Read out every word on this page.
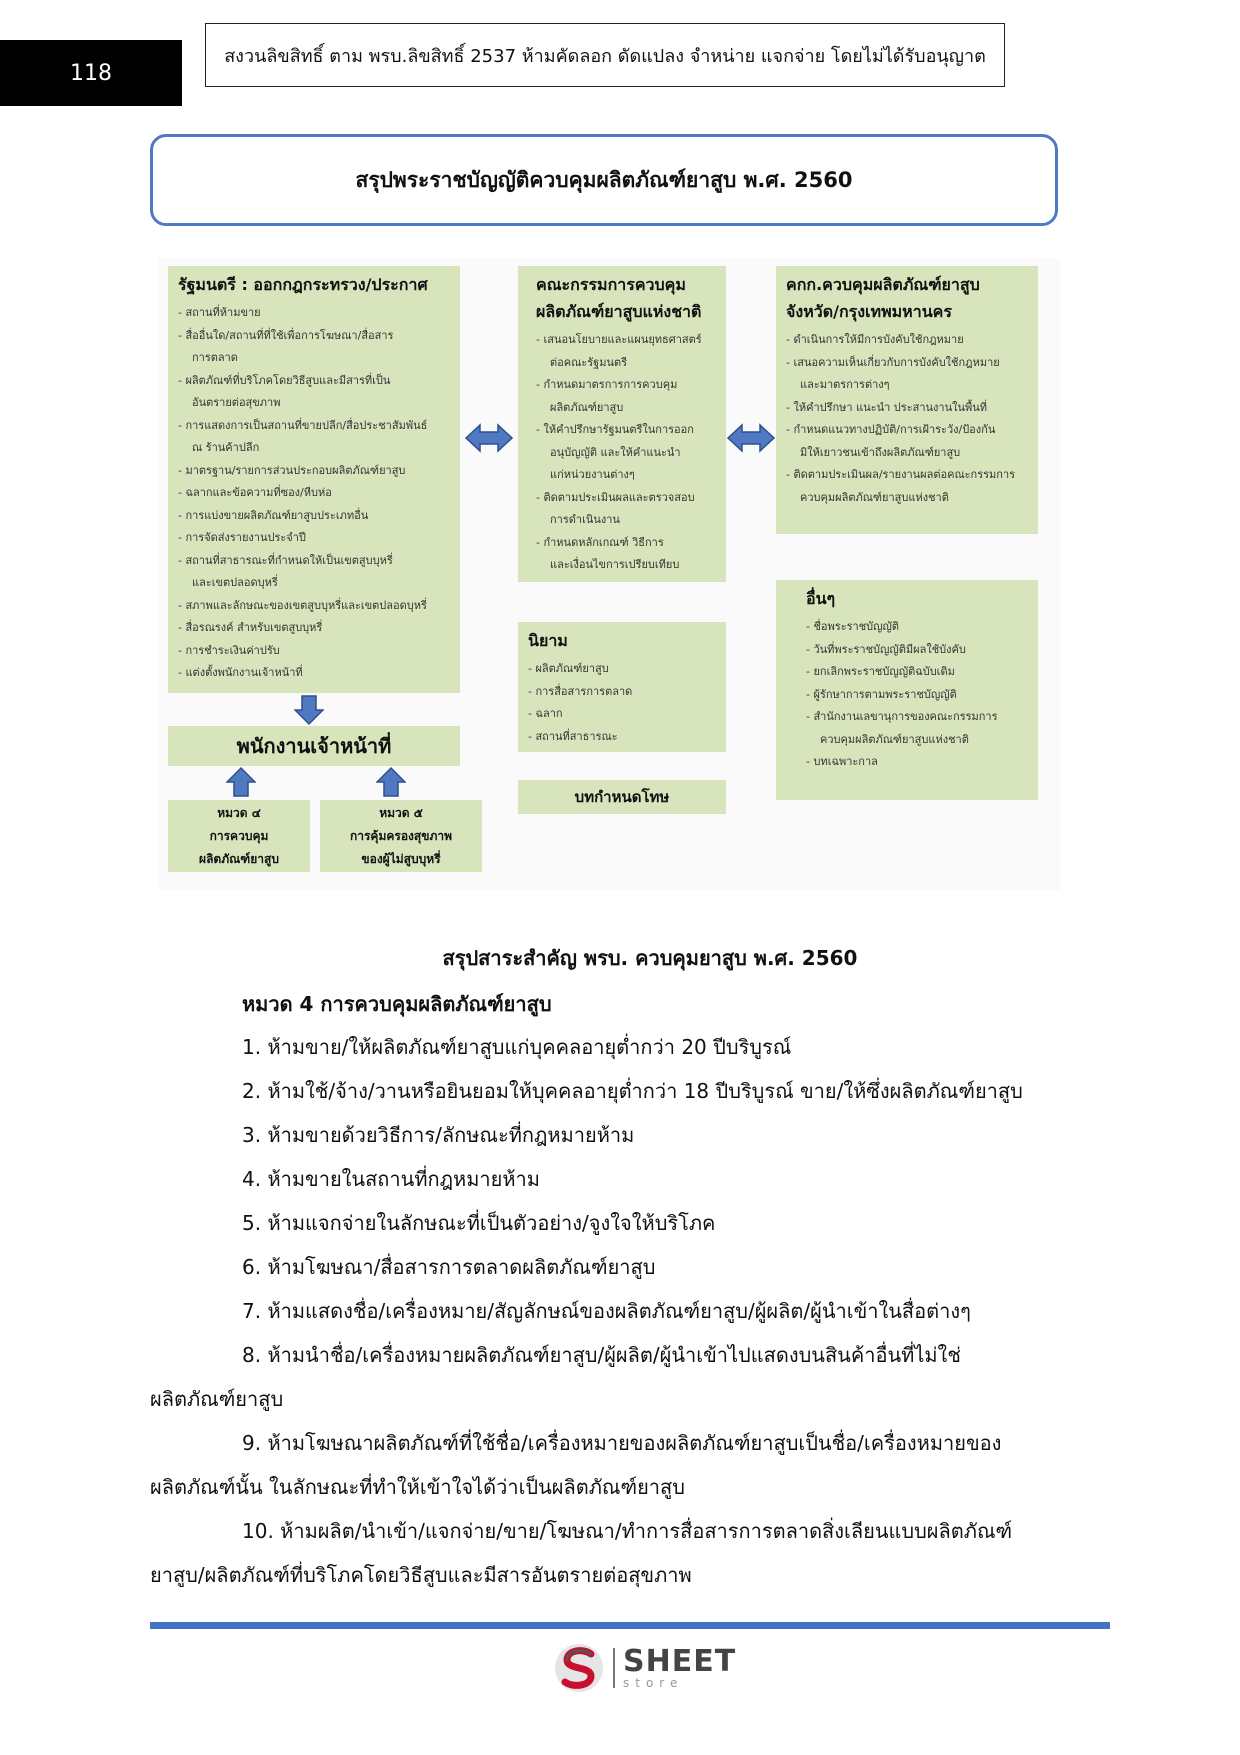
118
สงวนลิขสิทธิ์ ตาม พรบ.ลิขสิทธิ์ 2537 ห้ามคัดลอก ดัดแปลง จำหน่าย แจกจ่าย โดยไม่ได้รับอนุญาต
สรุปพระราชบัญญัติควบคุมผลิตภัณฑ์ยาสูบ พ.ศ. 2560
รัฐมนตรี : ออกกฎกระทรวง/ประกาศ
- สถานที่ห้ามขาย
- สื่ออื่นใด/สถานที่ที่ใช้เพื่อการโฆษณา/สื่อสาร
การตลาด
- ผลิตภัณฑ์ที่บริโภคโดยวิธีสูบและมีสารที่เป็น
อันตรายต่อสุขภาพ
- การแสดงการเป็นสถานที่ขายปลีก/สื่อประชาสัมพันธ์
ณ ร้านค้าปลีก
- มาตรฐาน/รายการส่วนประกอบผลิตภัณฑ์ยาสูบ
- ฉลากและข้อความที่ซอง/หีบห่อ
- การแบ่งขายผลิตภัณฑ์ยาสูบประเภทอื่น
- การจัดส่งรายงานประจำปี
- สถานที่สาธารณะที่กำหนดให้เป็นเขตสูบบุหรี่
และเขตปลอดบุหรี่
- สภาพและลักษณะของเขตสูบบุหรี่และเขตปลอดบุหรี่
- สื่อรณรงค์ สำหรับเขตสูบบุหรี่
- การชำระเงินค่าปรับ
- แต่งตั้งพนักงานเจ้าหน้าที่
คณะกรรมการควบคุม
ผลิตภัณฑ์ยาสูบแห่งชาติ
- เสนอนโยบายและแผนยุทธศาสตร์
ต่อคณะรัฐมนตรี
- กำหนดมาตรการการควบคุม
ผลิตภัณฑ์ยาสูบ
- ให้คำปรึกษารัฐมนตรีในการออก
อนุบัญญัติ และให้คำแนะนำ
แก่หน่วยงานต่างๆ
- ติดตามประเมินผลและตรวจสอบ
การดำเนินงาน
- กำหนดหลักเกณฑ์ วิธีการ
และเงื่อนไขการเปรียบเทียบ
คกก.ควบคุมผลิตภัณฑ์ยาสูบ
จังหวัด/กรุงเทพมหานคร
- ดำเนินการให้มีการบังคับใช้กฎหมาย
- เสนอความเห็นเกี่ยวกับการบังคับใช้กฎหมาย
และมาตรการต่างๆ
- ให้คำปรึกษา แนะนำ ประสานงานในพื้นที่
- กำหนดแนวทางปฏิบัติ/การเฝ้าระวัง/ป้องกัน
มิให้เยาวชนเข้าถึงผลิตภัณฑ์ยาสูบ
- ติดตามประเมินผล/รายงานผลต่อคณะกรรมการ
ควบคุมผลิตภัณฑ์ยาสูบแห่งชาติ
พนักงานเจ้าหน้าที่
หมวด ๔
การควบคุม
ผลิตภัณฑ์ยาสูบ
หมวด ๕
การคุ้มครองสุขภาพ
ของผู้ไม่สูบบุหรี่
นิยาม
- ผลิตภัณฑ์ยาสูบ
- การสื่อสารการตลาด
- ฉลาก
- สถานที่สาธารณะ
บทกำหนดโทษ
อื่นๆ
- ชื่อพระราชบัญญัติ
- วันที่พระราชบัญญัติมีผลใช้บังคับ
- ยกเลิกพระราชบัญญัติฉบับเดิม
- ผู้รักษาการตามพระราชบัญญัติ
- สำนักงานเลขานุการของคณะกรรมการ
ควบคุมผลิตภัณฑ์ยาสูบแห่งชาติ
- บทเฉพาะกาล
สรุปสาระสำคัญ พรบ. ควบคุมยาสูบ พ.ศ. 2560
หมวด 4 การควบคุมผลิตภัณฑ์ยาสูบ
1. ห้ามขาย/ให้ผลิตภัณฑ์ยาสูบแก่บุคคลอายุต่ำกว่า 20 ปีบริบูรณ์
2. ห้ามใช้/จ้าง/วานหรือยินยอมให้บุคคลอายุต่ำกว่า 18 ปีบริบูรณ์ ขาย/ให้ซึ่งผลิตภัณฑ์ยาสูบ
3. ห้ามขายด้วยวิธีการ/ลักษณะที่กฎหมายห้าม
4. ห้ามขายในสถานที่กฎหมายห้าม
5. ห้ามแจกจ่ายในลักษณะที่เป็นตัวอย่าง/จูงใจให้บริโภค
6. ห้ามโฆษณา/สื่อสารการตลาดผลิตภัณฑ์ยาสูบ
7. ห้ามแสดงชื่อ/เครื่องหมาย/สัญลักษณ์ของผลิตภัณฑ์ยาสูบ/ผู้ผลิต/ผู้นำเข้าในสื่อต่างๆ
8. ห้ามนำชื่อ/เครื่องหมายผลิตภัณฑ์ยาสูบ/ผู้ผลิต/ผู้นำเข้าไปแสดงบนสินค้าอื่นที่ไม่ใช่
ผลิตภัณฑ์ยาสูบ
9. ห้ามโฆษณาผลิตภัณฑ์ที่ใช้ชื่อ/เครื่องหมายของผลิตภัณฑ์ยาสูบเป็นชื่อ/เครื่องหมายของ
ผลิตภัณฑ์นั้น ในลักษณะที่ทำให้เข้าใจได้ว่าเป็นผลิตภัณฑ์ยาสูบ
10. ห้ามผลิต/นำเข้า/แจกจ่าย/ขาย/โฆษณา/ทำการสื่อสารการตลาดสิ่งเลียนแบบผลิตภัณฑ์
ยาสูบ/ผลิตภัณฑ์ที่บริโภคโดยวิธีสูบและมีสารอันตรายต่อสุขภาพ
SHEET
store
